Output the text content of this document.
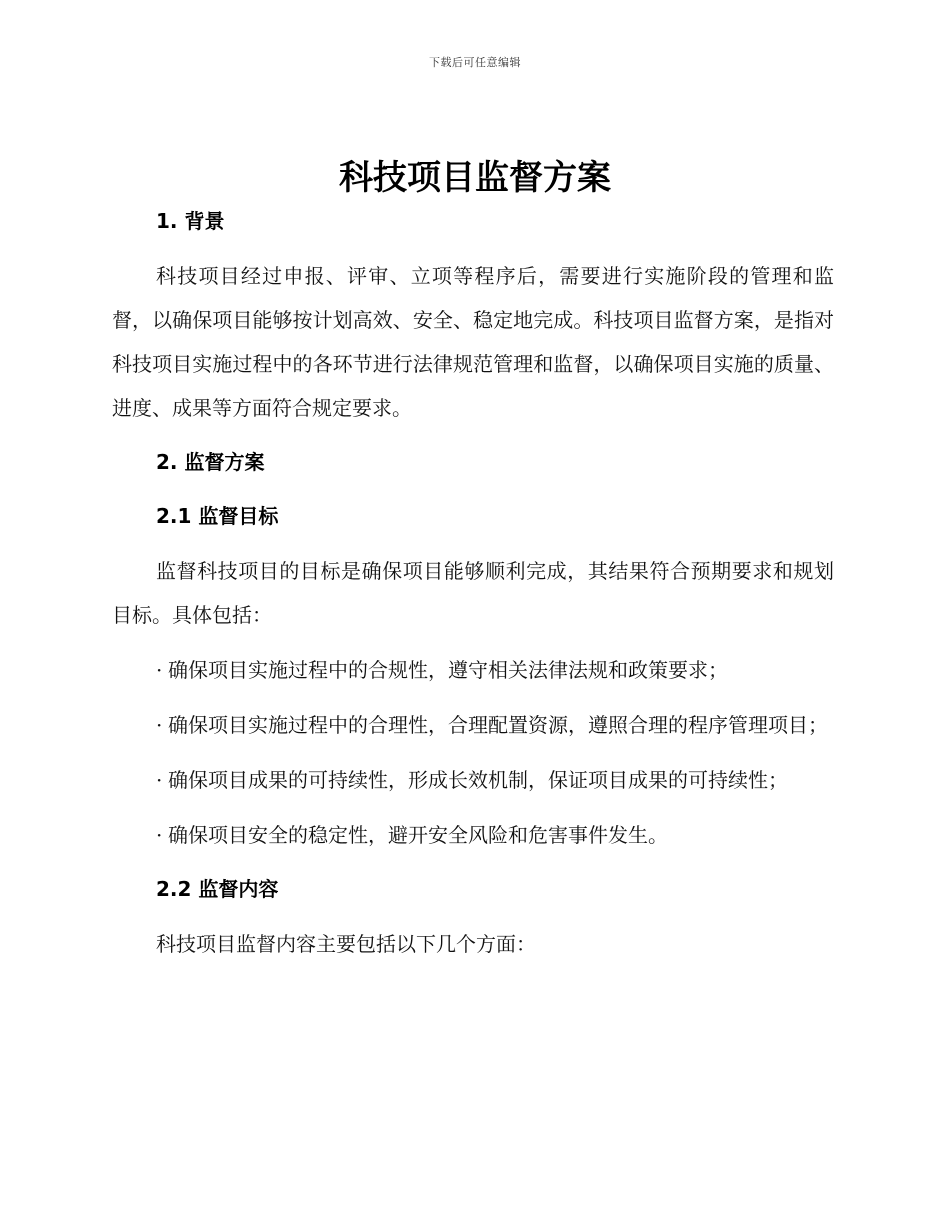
下载后可任意编辑
科技项目监督方案
1. 背景

科技项目经过申报、评审、立项等程序后，需要进行实施阶段的管理和监督，以确保项目能够按计划高效、安全、稳定地完成。科技项目监督方案，是指对科技项目实施过程中的各环节进行法律规范管理和监督，以确保项目实施的质量、进度、成果等方面符合规定要求。

2. 监督方案
2.1 监督目标

监督科技项目的目标是确保项目能够顺利完成，其结果符合预期要求和规划目标。具体包括：

· 确保项目实施过程中的合规性，遵守相关法律法规和政策要求；

· 确保项目实施过程中的合理性，合理配置资源，遵照合理的程序管理项目；

· 确保项目成果的可持续性，形成长效机制，保证项目成果的可持续性；

· 确保项目安全的稳定性，避开安全风险和危害事件发生。

2.2 监督内容

科技项目监督内容主要包括以下几个方面：
